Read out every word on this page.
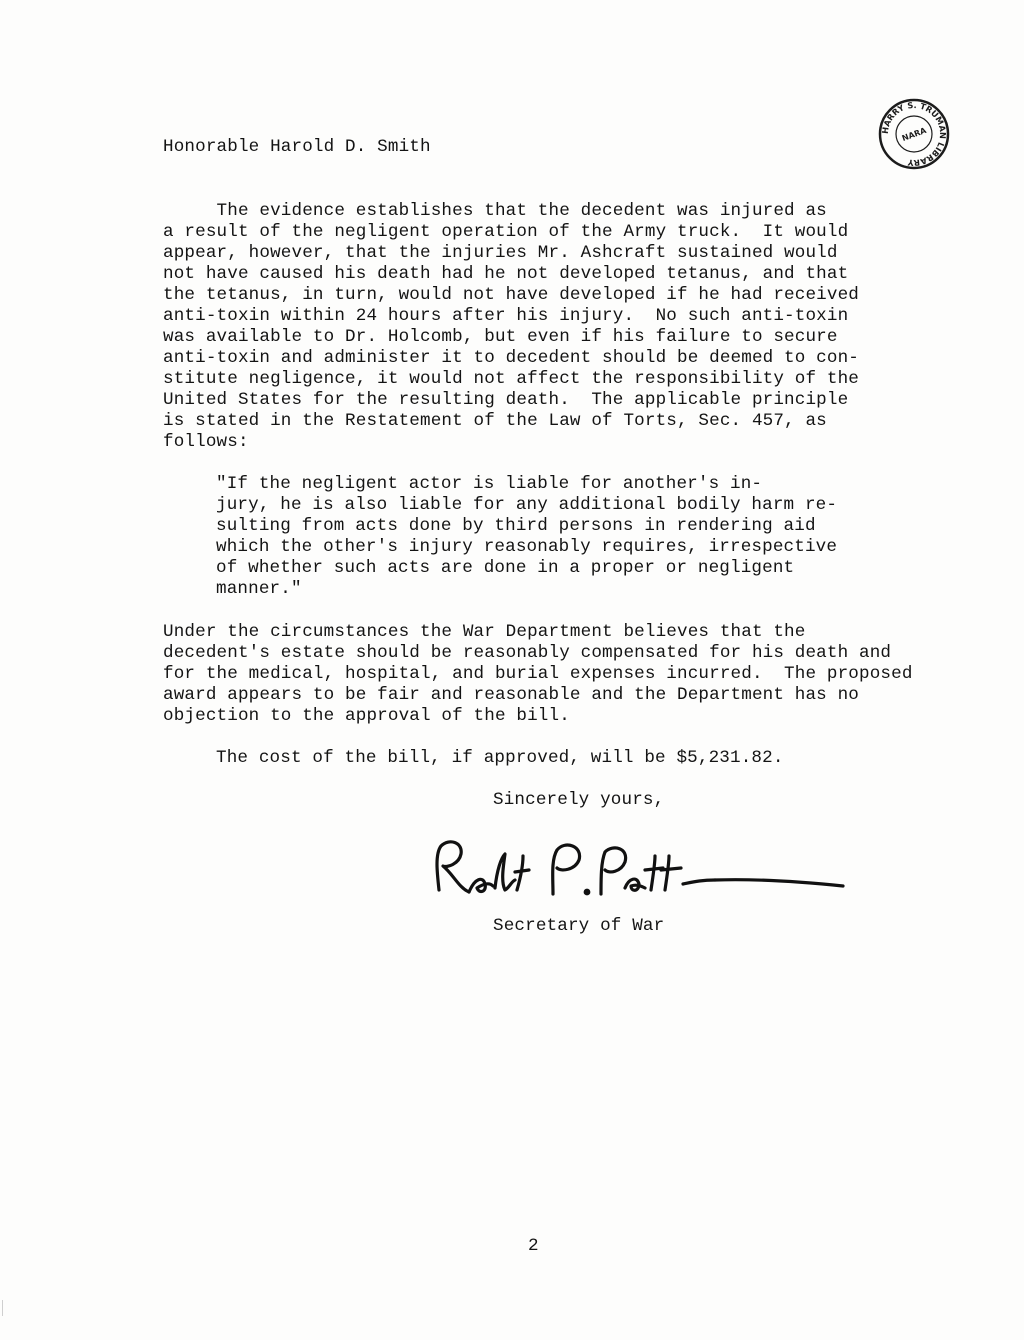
Honorable Harold D. Smith
The evidence establishes that the decedent was injured as
a result of the negligent operation of the Army truck.  It would
appear, however, that the injuries Mr. Ashcraft sustained would
not have caused his death had he not developed tetanus, and that
the tetanus, in turn, would not have developed if he had received
anti-toxin within 24 hours after his injury.  No such anti-toxin
was available to Dr. Holcomb, but even if his failure to secure
anti-toxin and administer it to decedent should be deemed to con-
stitute negligence, it would not affect the responsibility of the
United States for the resulting death.  The applicable principle
is stated in the Restatement of the Law of Torts, Sec. 457, as
follows:
"If the negligent actor is liable for another's in-
jury, he is also liable for any additional bodily harm re-
sulting from acts done by third persons in rendering aid
which the other's injury reasonably requires, irrespective
of whether such acts are done in a proper or negligent
manner."
Under the circumstances the War Department believes that the
decedent's estate should be reasonably compensated for his death and
for the medical, hospital, and burial expenses incurred.  The proposed
award appears to be fair and reasonable and the Department has no
objection to the approval of the bill.
The cost of the bill, if approved, will be $5,231.82.
Sincerely yours,
Secretary of War
2
HARRY S. TRUMAN LIBRARY
NARA
